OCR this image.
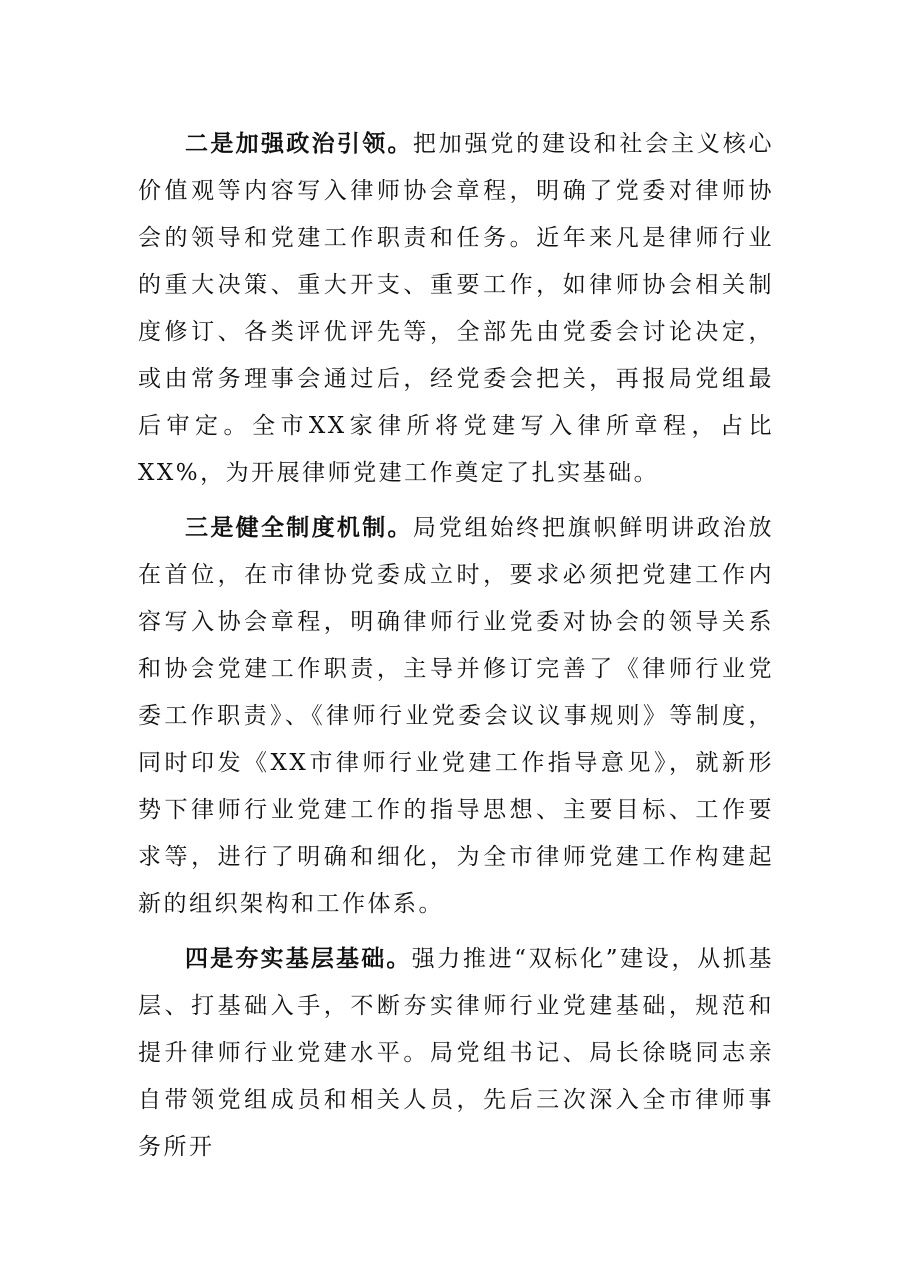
二是加强政治引领。把加强党的建设和社会主义核心价值观等内容写入律师协会章程，明确了党委对律师协会的领导和党建工作职责和任务。近年来凡是律师行业的重大决策、重大开支、重要工作，如律师协会相关制度修订、各类评优评先等，全部先由党委会讨论决定，或由常务理事会通过后，经党委会把关，再报局党组最后审定。全市XX家律所将党建写入律所章程，占比XX%，为开展律师党建工作奠定了扎实基础。

三是健全制度机制。局党组始终把旗帜鲜明讲政治放在首位，在市律协党委成立时，要求必须把党建工作内容写入协会章程，明确律师行业党委对协会的领导关系和协会党建工作职责，主导并修订完善了《律师行业党委工作职责》、《律师行业党委会议议事规则》等制度，同时印发《XX市律师行业党建工作指导意见》，就新形势下律师行业党建工作的指导思想、主要目标、工作要求等，进行了明确和细化，为全市律师党建工作构建起新的组织架构和工作体系。

四是夯实基层基础。强力推进“双标化”建设，从抓基层、打基础入手，不断夯实律师行业党建基础，规范和提升律师行业党建水平。局党组书记、局长徐晓同志亲自带领党组成员和相关人员，先后三次深入全市律师事务所开
